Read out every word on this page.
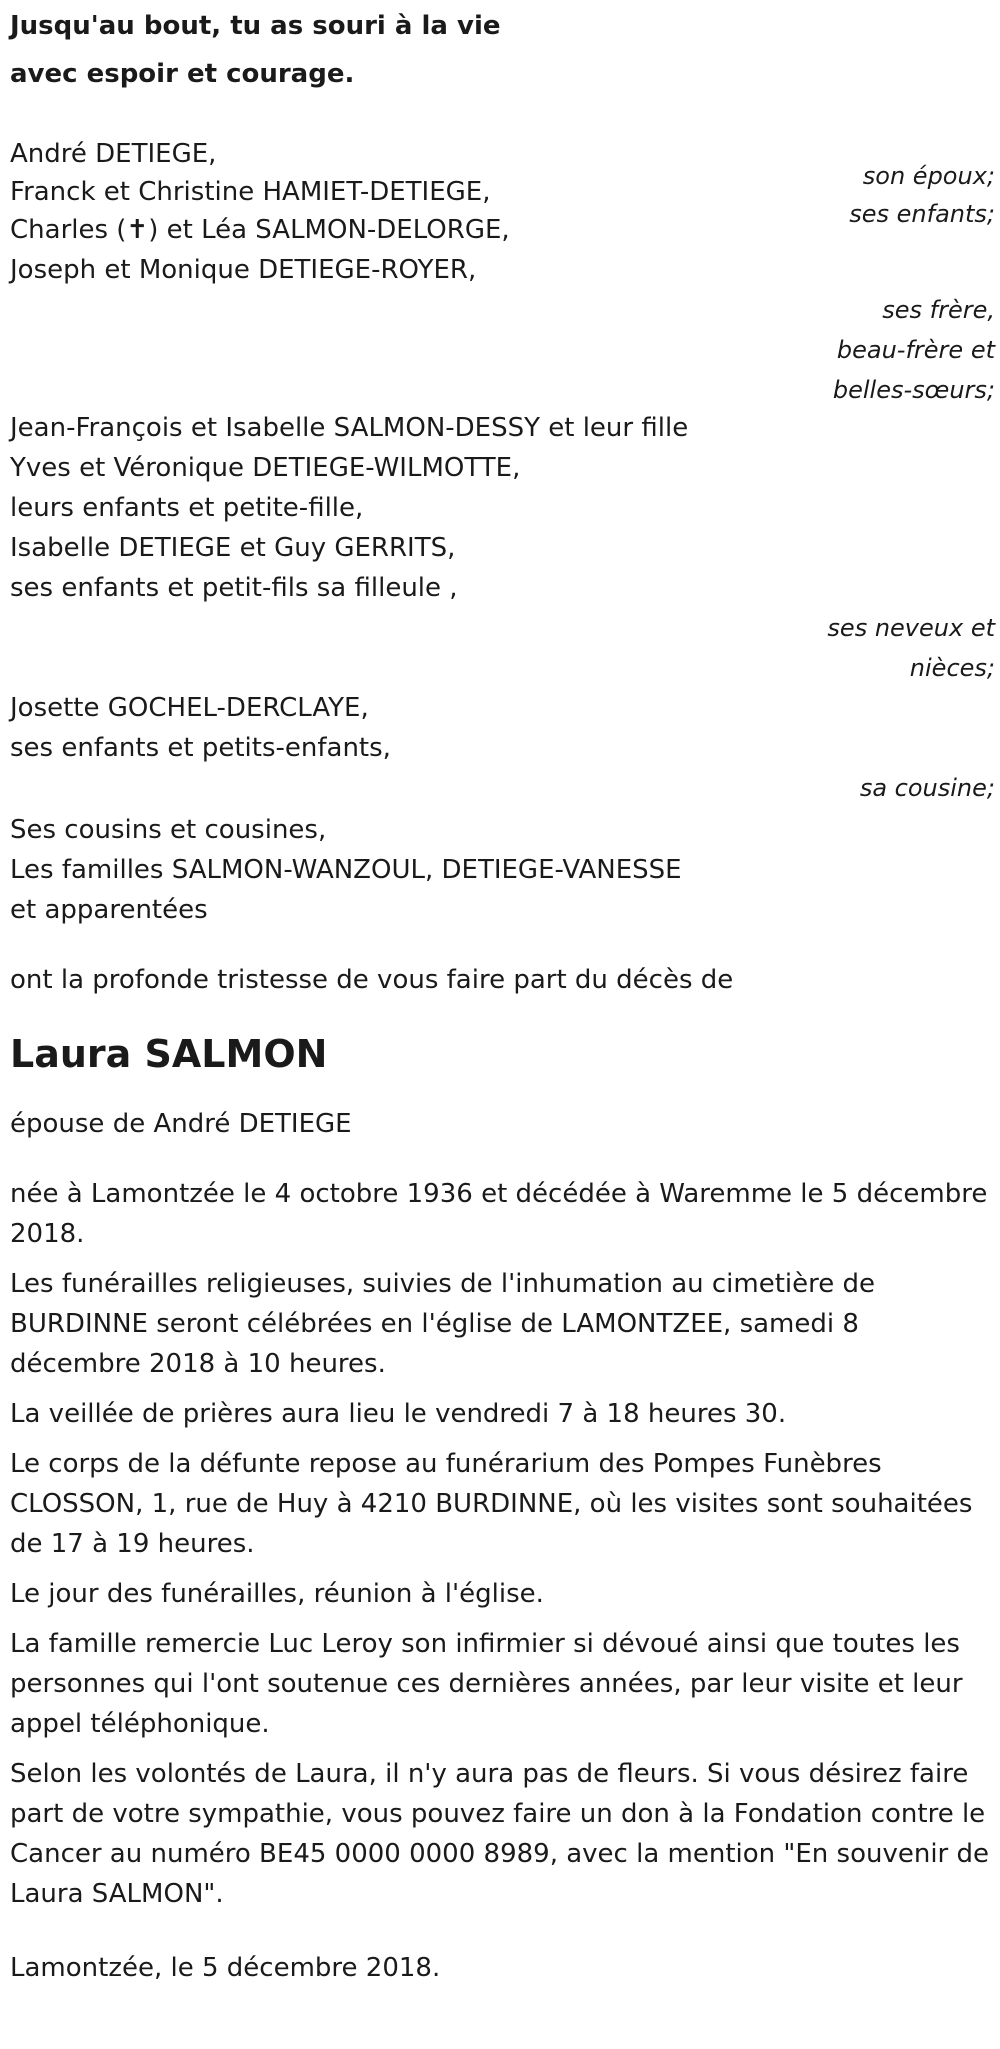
Jusqu'au bout, tu as souri à la vie
avec espoir et courage.
André DETIEGE,
son époux;
Franck et Christine HAMIET-DETIEGE,
ses enfants;
Charles (✝) et Léa SALMON-DELORGE,
Joseph et Monique DETIEGE-ROYER,
ses frère,
beau-frère et
belles-sœurs;
Jean-François et Isabelle SALMON-DESSY et leur fille
Yves et Véronique DETIEGE-WILMOTTE,
leurs enfants et petite-fille,
Isabelle DETIEGE et Guy GERRITS,
ses enfants et petit-fils sa filleule ,
ses neveux et
nièces;
Josette GOCHEL-DERCLAYE,
ses enfants et petits-enfants,
sa cousine;
Ses cousins et cousines,
Les familles SALMON-WANZOUL, DETIEGE-VANESSE
et apparentées
ont la profonde tristesse de vous faire part du décès de
Laura SALMON
épouse de André DETIEGE

née à Lamontzée le 4 octobre 1936 et décédée à Waremme le 5 décembre 2018.

Les funérailles religieuses, suivies de l'inhumation au cimetière de BURDINNE seront célébrées en l'église de LAMONTZEE, samedi 8 décembre 2018 à 10 heures.

La veillée de prières aura lieu le vendredi 7 à 18 heures 30.

Le corps de la défunte repose au funérarium des Pompes Funèbres CLOSSON, 1, rue de Huy à 4210 BURDINNE, où les visites sont souhaitées de 17 à 19 heures.

Le jour des funérailles, réunion à l'église.

La famille remercie Luc Leroy son infirmier si dévoué ainsi que toutes les personnes qui l'ont soutenue ces dernières années, par leur visite et leur appel téléphonique.

Selon les volontés de Laura, il n'y aura pas de fleurs. Si vous désirez faire part de votre sympathie, vous pouvez faire un don à la Fondation contre le Cancer au numéro BE45 0000 0000 8989, avec la mention "En souvenir de Laura SALMON".

Lamontzée, le 5 décembre 2018.
